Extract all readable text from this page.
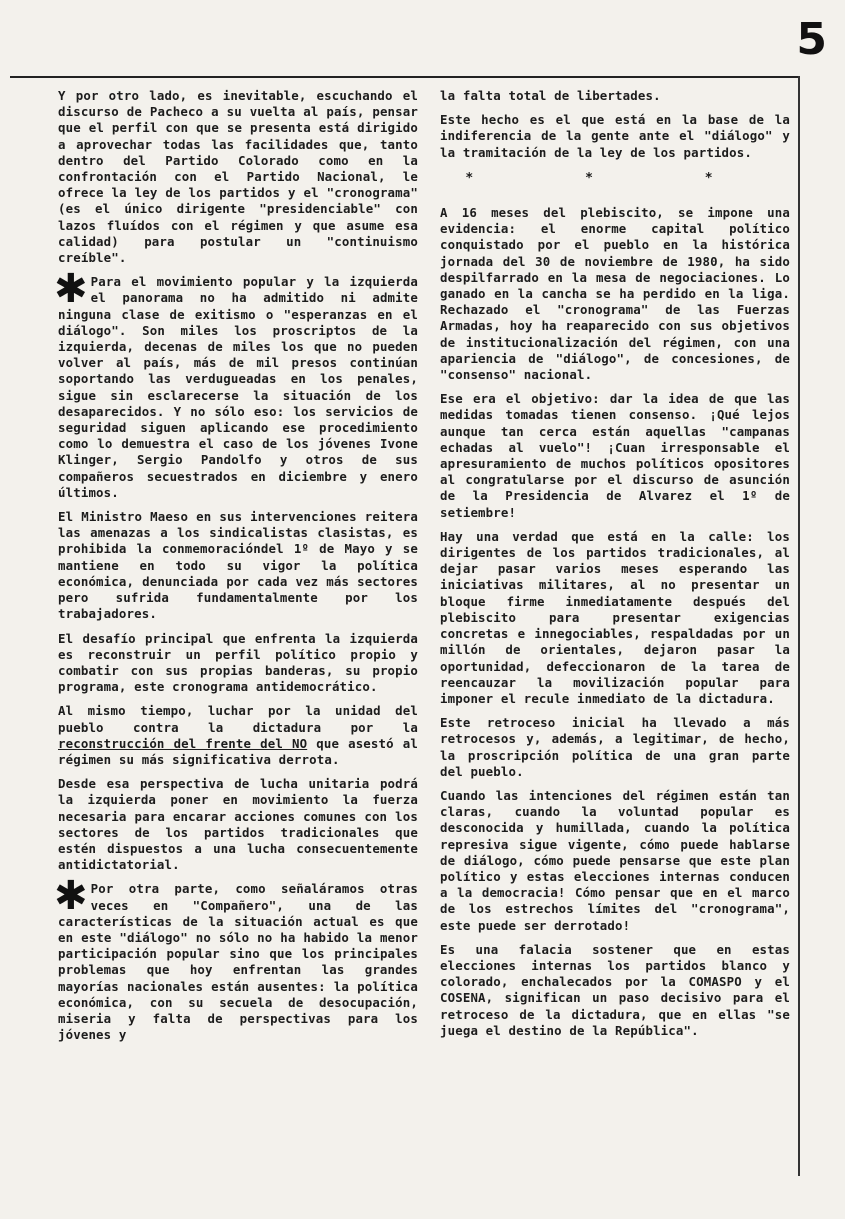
5

Y por otro lado, es inevitable, escuchando el discurso de Pacheco a su vuelta al país, pensar que el perfil con que se presenta está dirigido a aprovechar todas las facilidades que, tanto dentro del Partido Colorado como en la confrontación con el Partido Nacional, le ofrece la ley de los partidos y el "cronograma" (es el único dirigente "presidenciable" con lazos fluídos con el régimen y que asume esa calidad) para postular un "continuismo creíble".

✱ Para el movimiento popular y la izquierda el panorama no ha admitido ni admite ninguna clase de exitismo o "esperanzas en el diálogo". Son miles los proscriptos de la izquierda, decenas de miles los que no pueden volver al país, más de mil presos continúan soportando las verdugueadas en los penales, sigue sin esclarecerse la situación de los desaparecidos. Y no sólo eso: los servicios de seguridad siguen aplicando ese procedimiento como lo demuestra el caso de los jóvenes Ivone Klinger, Sergio Pandolfo y otros de sus compañeros secuestrados en diciembre y enero últimos.

El Ministro Maeso en sus intervenciones reitera las amenazas a los sindicalistas clasistas, es prohibida la conmemoracióndel 1º de Mayo y se mantiene en todo su vigor la política económica, denunciada por cada vez más sectores pero sufrida fundamentalmente por los trabajadores.

El desafío principal que enfrenta la izquierda es reconstruir un perfil político propio y combatir con sus propias banderas, su propio programa, este cronograma antidemocrático.

Al mismo tiempo, luchar por la unidad del pueblo contra la dictadura por la reconstrucción del frente del NO que asestó al régimen su más significativa derrota.

Desde esa perspectiva de lucha unitaria podrá la izquierda poner en movimiento la fuerza necesaria para encarar acciones comunes con los sectores de los partidos tradicionales que estén dispuestos a una lucha consecuentemente antidictatorial.

✱ Por otra parte, como señaláramos otras veces en "Compañero", una de las características de la situación actual es que en este "diálogo" no sólo no ha habido la menor participación popular sino que los principales problemas que hoy enfrentan las grandes mayorías nacionales están ausentes: la política económica, con su secuela de desocupación, miseria y falta de perspectivas para los jóvenes y

la falta total de libertades.

Este hecho es el que está en la base de la indiferencia de la gente ante el "diálogo" y la tramitación de la ley de los partidos.

* * *

A 16 meses del plebiscito, se impone una evidencia: el enorme capital político conquistado por el pueblo en la histórica jornada del 30 de noviembre de 1980, ha sido despilfarrado en la mesa de negociaciones. Lo ganado en la cancha se ha perdido en la liga. Rechazado el "cronograma" de las Fuerzas Armadas, hoy ha reaparecido con sus objetivos de institucionalización del régimen, con una apariencia de "diálogo", de concesiones, de "consenso" nacional.

Ese era el objetivo: dar la idea de que las medidas tomadas tienen consenso. ¡Qué lejos aunque tan cerca están aquellas "campanas echadas al vuelo"! ¡Cuan irresponsable el apresuramiento de muchos políticos opositores al congratularse por el discurso de asunción de la Presidencia de Alvarez el 1º de setiembre!

Hay una verdad que está en la calle: los dirigentes de los partidos tradicionales, al dejar pasar varios meses esperando las iniciativas militares, al no presentar un bloque firme inmediatamente después del plebiscito para presentar exigencias concretas e innegociables, respaldadas por un millón de orientales, dejaron pasar la oportunidad, defeccionaron de la tarea de reencauzar la movilización popular para imponer el recule inmediato de la dictadura.

Este retroceso inicial ha llevado a más retrocesos y, además, a legitimar, de hecho, la proscripción política de una gran parte del pueblo.

Cuando las intenciones del régimen están tan claras, cuando la voluntad popular es desconocida y humillada, cuando la política represiva sigue vigente, cómo puede hablarse de diálogo, cómo puede pensarse que este plan político y estas elecciones internas conducen a la democracia! Cómo pensar que en el marco de los estrechos límites del "cronograma", este puede ser derrotado!

Es una falacia sostener que en estas elecciones internas los partidos blanco y colorado, enchalecados por la COMASPO y el COSENA, significan un paso decisivo para el retroceso de la dictadura, que en ellas "se juega el destino de la República".
